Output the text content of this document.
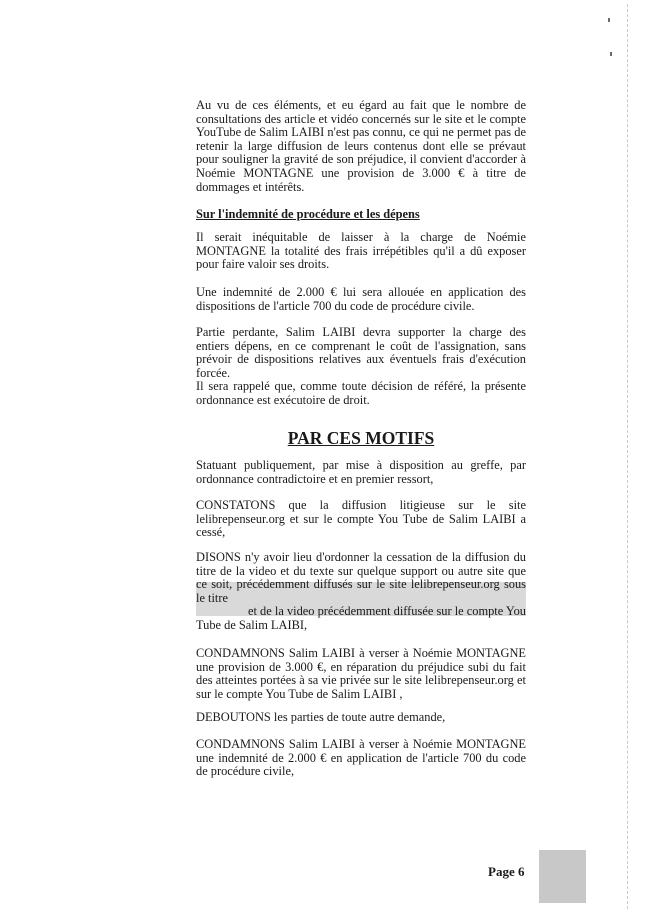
Au vu de ces éléments, et eu égard au fait que le nombre de consultations des article et vidéo concernés sur le site et le compte YouTube de Salim LAIBI n'est pas connu, ce qui ne permet pas de retenir la large diffusion de leurs contenus dont elle se prévaut pour souligner la gravité de son préjudice, il convient d'accorder à Noémie MONTAGNE une provision de 3.000 € à titre de dommages et intérêts.

Sur l'indemnité de procédure et les dépens

Il serait inéquitable de laisser à la charge de Noémie MONTAGNE la totalité des frais irrépétibles qu'il a dû exposer pour faire valoir ses droits.

Une indemnité de 2.000 € lui sera allouée en application des dispositions de l'article 700 du code de procédure civile.

Partie perdante, Salim LAIBI devra supporter la charge des entiers dépens, en ce comprenant le coût de l'assignation, sans prévoir de dispositions relatives aux éventuels frais d'exécution forcée.

Il sera rappelé que, comme toute décision de référé, la présente ordonnance est exécutoire de droit.

PAR CES MOTIFS

Statuant publiquement, par mise à disposition au greffe, par ordonnance contradictoire et en premier ressort,

CONSTATONS que la diffusion litigieuse sur le site lelibrepenseur.org et sur le compte You Tube de Salim LAIBI a cessé,

DISONS n'y avoir lieu d'ordonner la cessation de la diffusion du titre de la video et du texte sur quelque support ou autre site que ce soit, précédemment diffusés sur le site lelibrepenseur.org sous le titre
et de la video précédemment diffusée sur le compte You Tube de Salim LAIBI,

CONDAMNONS Salim LAIBI à verser à Noémie MONTAGNE une provision de 3.000 €, en réparation du préjudice subi du fait des atteintes portées à sa vie privée sur le site lelibrepenseur.org et sur le compte You Tube de Salim LAIBI ,

DEBOUTONS les parties de toute autre demande,

CONDAMNONS Salim LAIBI à verser à Noémie MONTAGNE une indemnité de 2.000 € en application de l'article 700 du code de procédure civile,

Page 6
